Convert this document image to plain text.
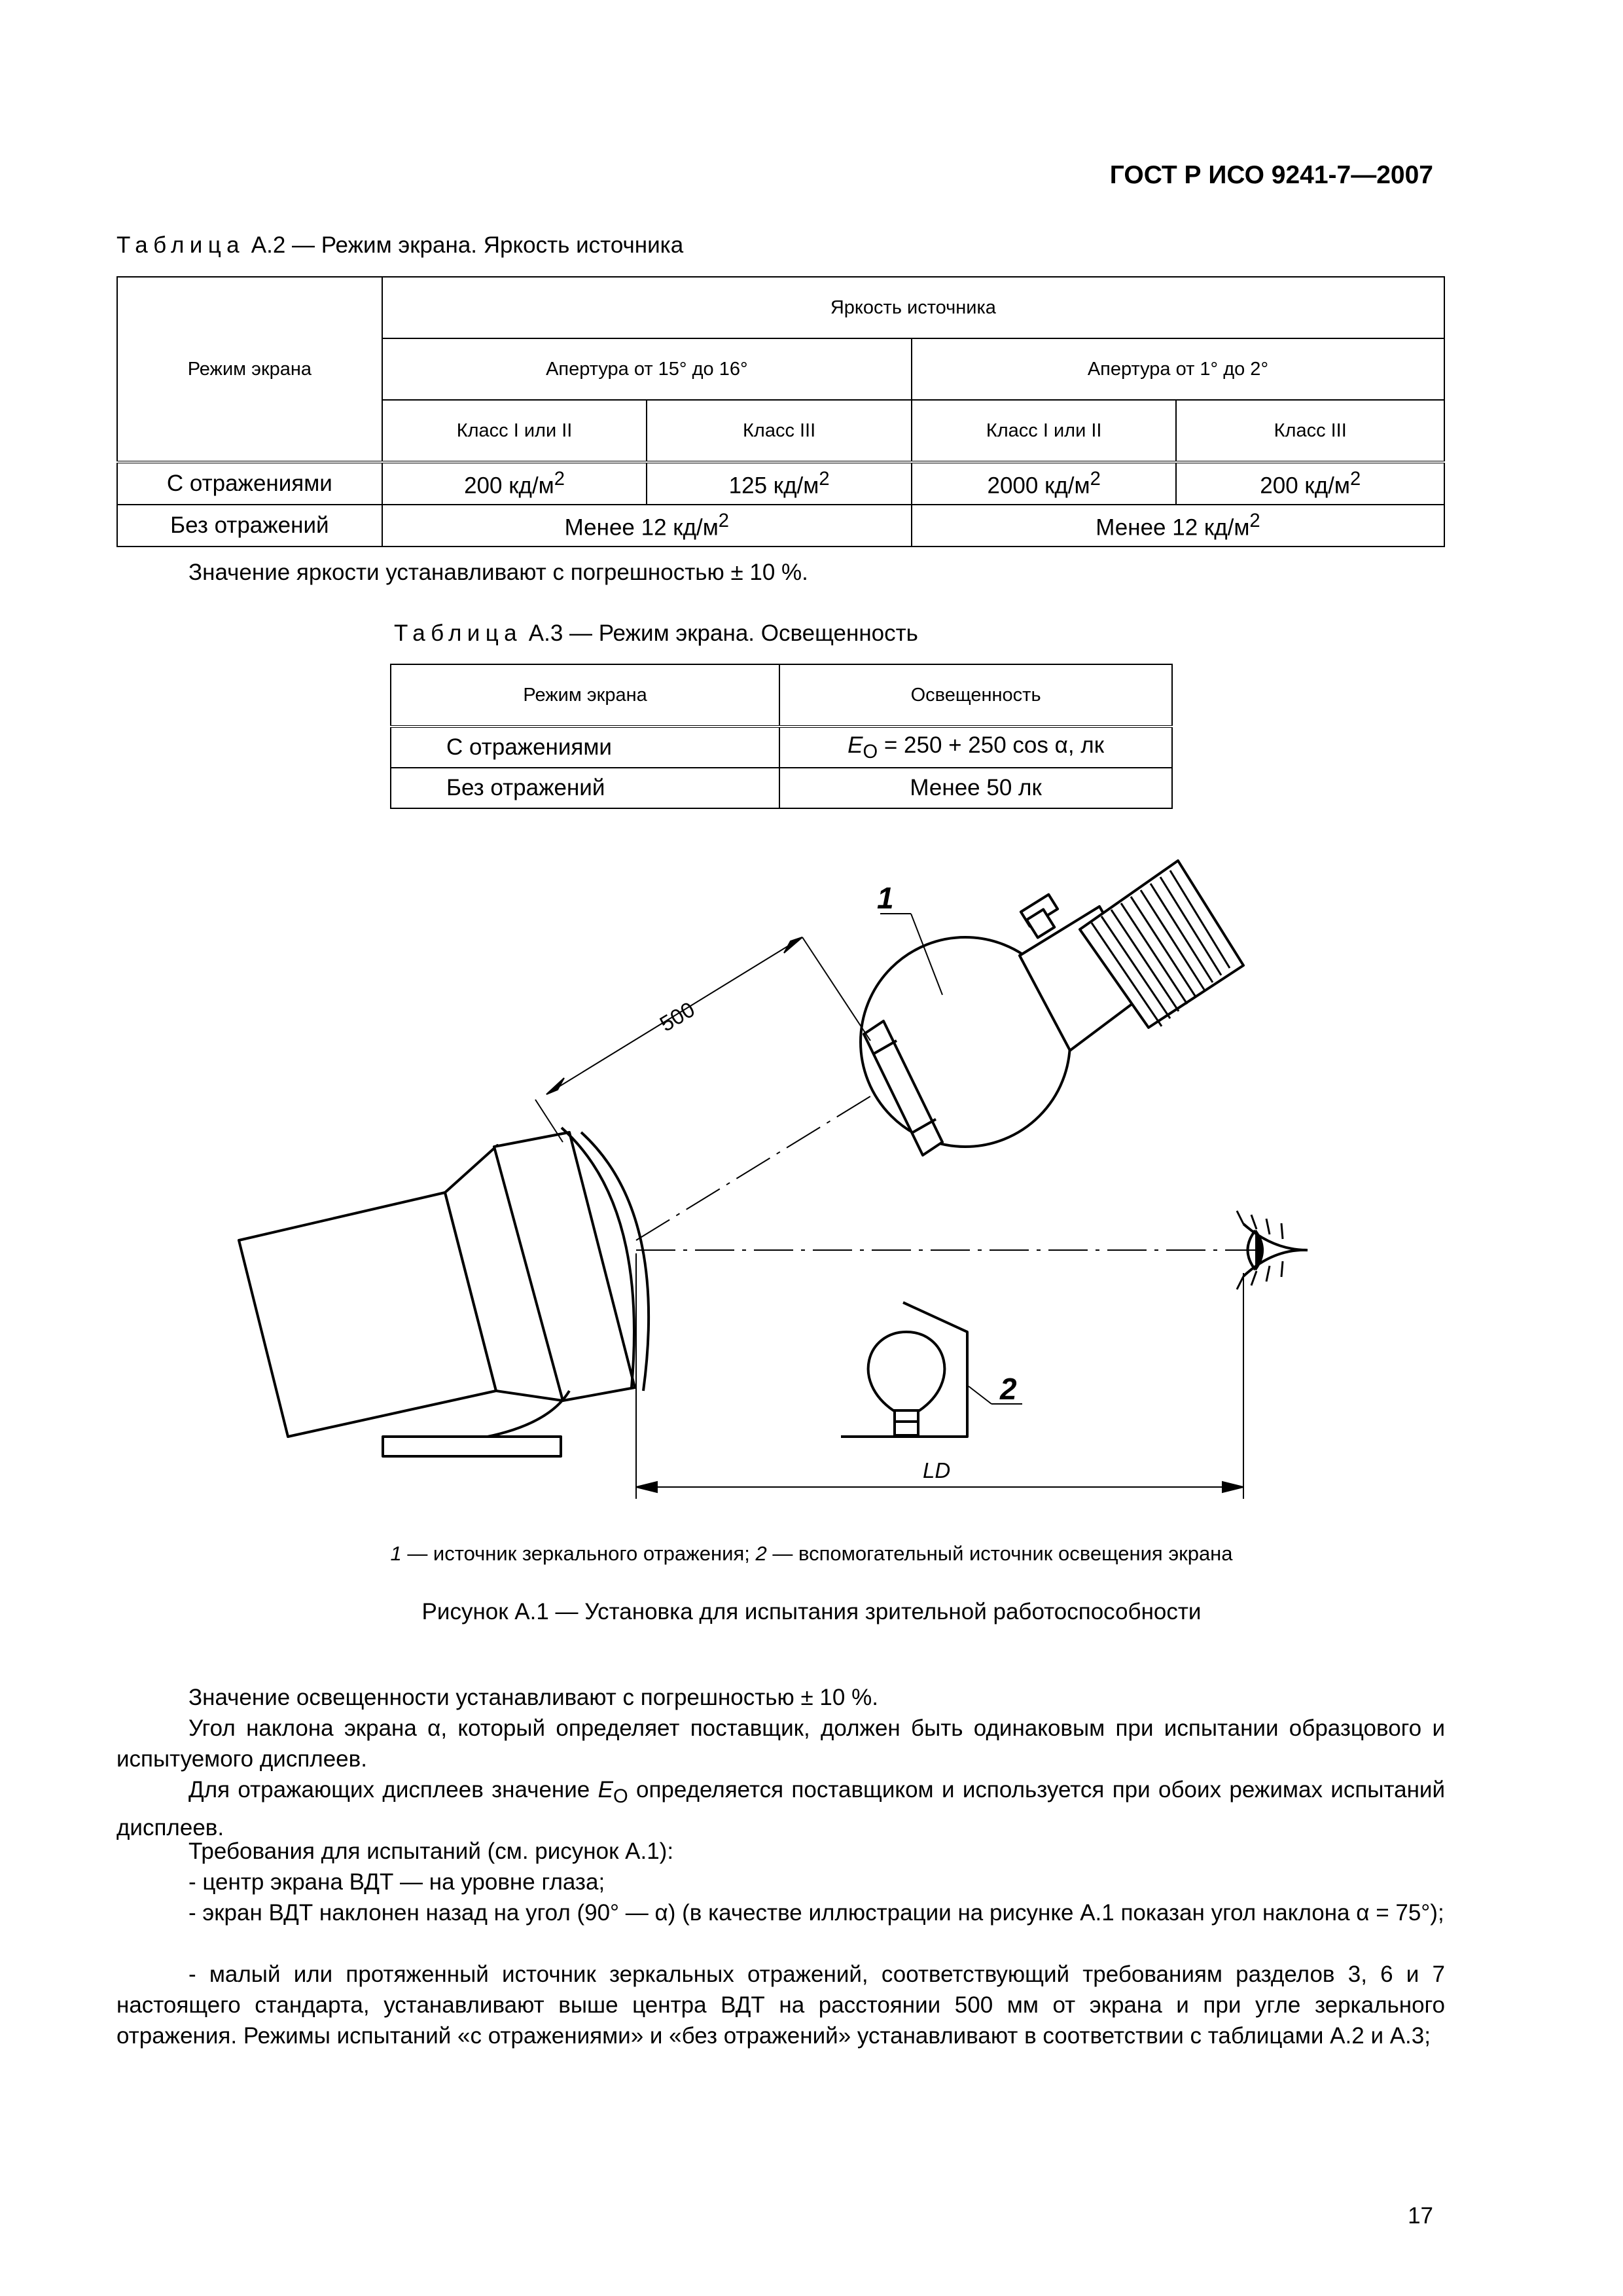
ГОСТ Р ИСО 9241-7—2007
Таблица А.2 — Режим экрана. Яркость источника
Режим экрана	Яркость источника			
	Апертура от 15° до 16°		Апертура от 1° до 2°	
	Класс I или II	Класс III	Класс I или II	Класс III
С отражениями	200 $кд/м^2$	125 $кд/м^2$	2000 $кд/м^2$	200 $кд/м^2$
Без отражений	Менее 12 $кд/м^2$		Менее 12 $кд/м^2$
Значение яркости устанавливают с погрешностью ± 10 %.
Таблица А.3 — Режим экрана. Освещенность
Режим экрана	Освещенность
С отражениями	$E_O = 250 + 250$ cos α, лк
Без отражений	Менее 50 лк
1
2
500
LD
1 — источник зеркального отражения; 2 — вспомогательный источник освещения экрана
Рисунок А.1 — Установка для испытания зрительной работоспособности
Значение освещенности устанавливают с погрешностью ± 10 %.
Угол наклона экрана α, который определяет поставщик, должен быть одинаковым при испытании образцового и испытуемого дисплеев.
Для отражающих дисплеев значение $E_O$ определяется поставщиком и используется при обоих режимах испытаний дисплеев.
Требования для испытаний (см. рисунок А.1):
- центр экрана ВДТ — на уровне глаза;
- экран ВДТ наклонен назад на угол (90° — α) (в качестве иллюстрации на рисунке А.1 показан угол наклона α = 75°);
- малый или протяженный источник зеркальных отражений, соответствующий требованиям разделов 3, 6 и 7 настоящего стандарта, устанавливают выше центра ВДТ на расстоянии 500 мм от экрана и при угле зеркального отражения. Режимы испытаний «с отражениями» и «без отражений» устанавливают в соответствии с таблицами А.2 и А.3;
17
